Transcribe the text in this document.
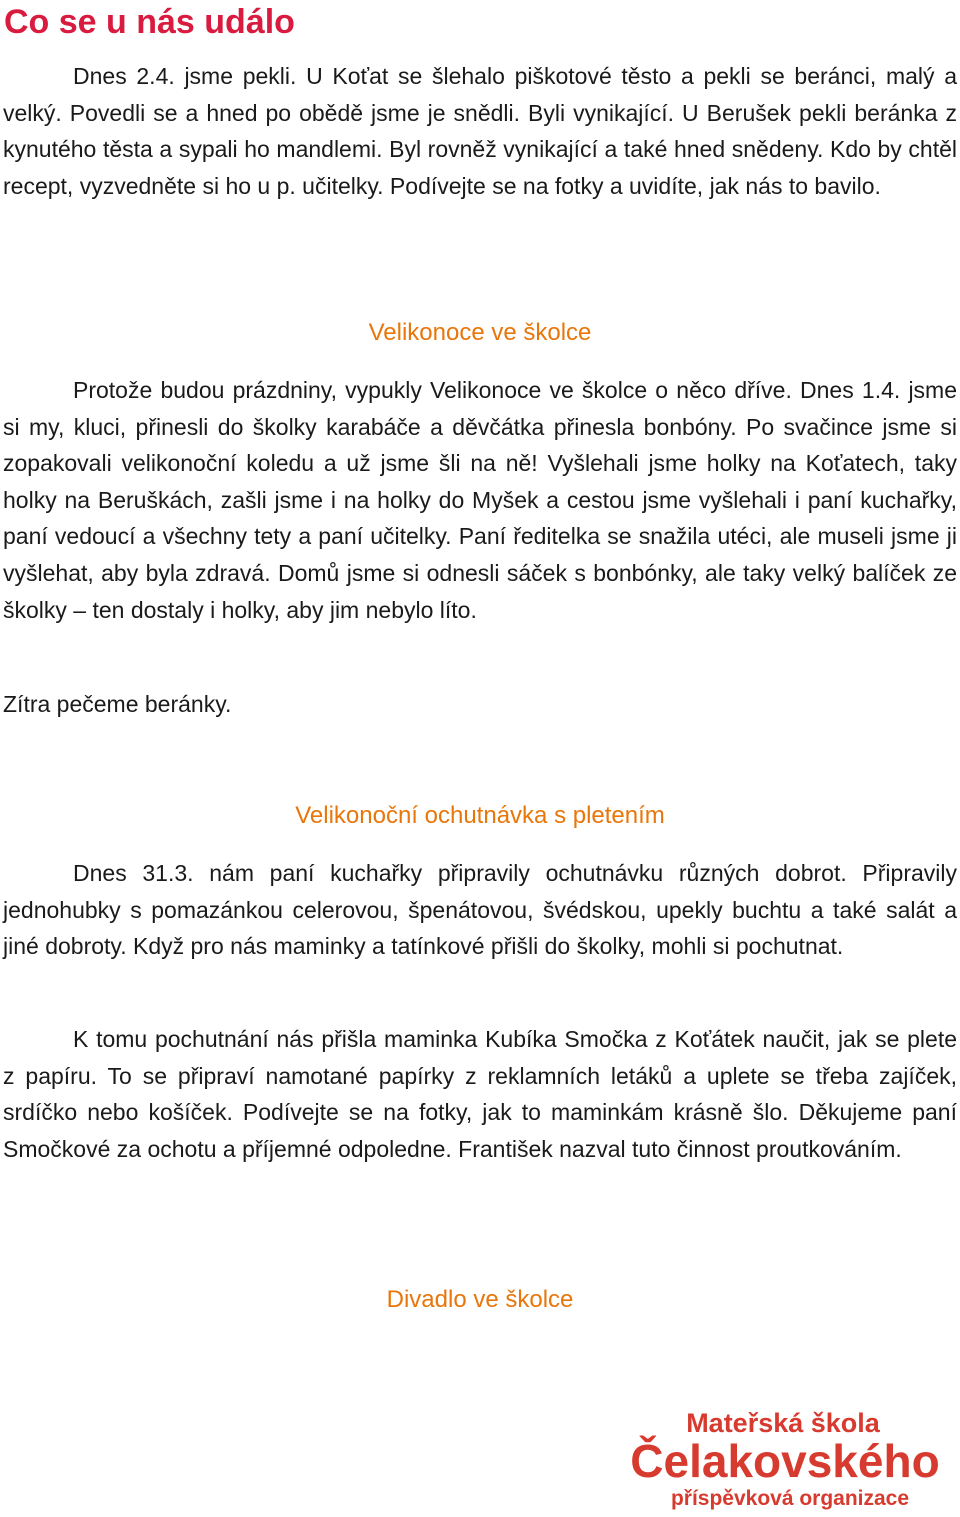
Co se u nás událo

Dnes 2.4. jsme pekli. U Koťat se šlehalo piškotové těsto a pekli se beránci, malý a velký. Povedli se a hned po obědě jsme je snědli. Byli vynikající. U Berušek pekli beránka z kynutého těsta a sypali ho mandlemi. Byl rovněž vynikající a také hned snědeny. Kdo by chtěl recept, vyzvedněte si ho u p. učitelky. Podívejte se na fotky a uvidíte, jak nás to bavilo.

Velikonoce ve školce

Protože budou prázdniny, vypukly Velikonoce ve školce o něco dříve. Dnes 1.4. jsme si my, kluci, přinesli do školky karabáče a děvčátka přinesla bonbóny. Po svačince jsme si zopakovali velikonoční koledu a už jsme šli na ně! Vyšlehali jsme holky na Koťatech, taky holky na Beruškách, zašli jsme i na holky do Myšek a cestou jsme vyšlehali i paní kuchařky, paní vedoucí a všechny tety a paní učitelky. Paní ředitelka se snažila utéci, ale museli jsme ji vyšlehat, aby byla zdravá. Domů jsme si odnesli sáček s bonbónky, ale taky velký balíček ze školky – ten dostaly i holky, aby jim nebylo líto.

Zítra pečeme beránky.

Velikonoční ochutnávka s pletením

Dnes 31.3. nám paní kuchařky připravily ochutnávku různých dobrot. Připravily jednohubky s pomazánkou celerovou, špenátovou, švédskou, upekly buchtu a také salát a jiné dobroty. Když pro nás maminky a tatínkové přišli do školky, mohli si pochutnat.

K tomu pochutnání nás přišla maminka Kubíka Smočka z Koťátek naučit, jak se plete z papíru. To se připraví namotané papírky z reklamních letáků a uplete se třeba zajíček, srdíčko nebo košíček. Podívejte se na fotky, jak to maminkám krásně šlo. Děkujeme paní Smočkové za ochotu a příjemné odpoledne. František nazval tuto činnost proutkováním.

Divadlo ve školce
Mateřská škola
Čelakovského
příspěvková organizace
